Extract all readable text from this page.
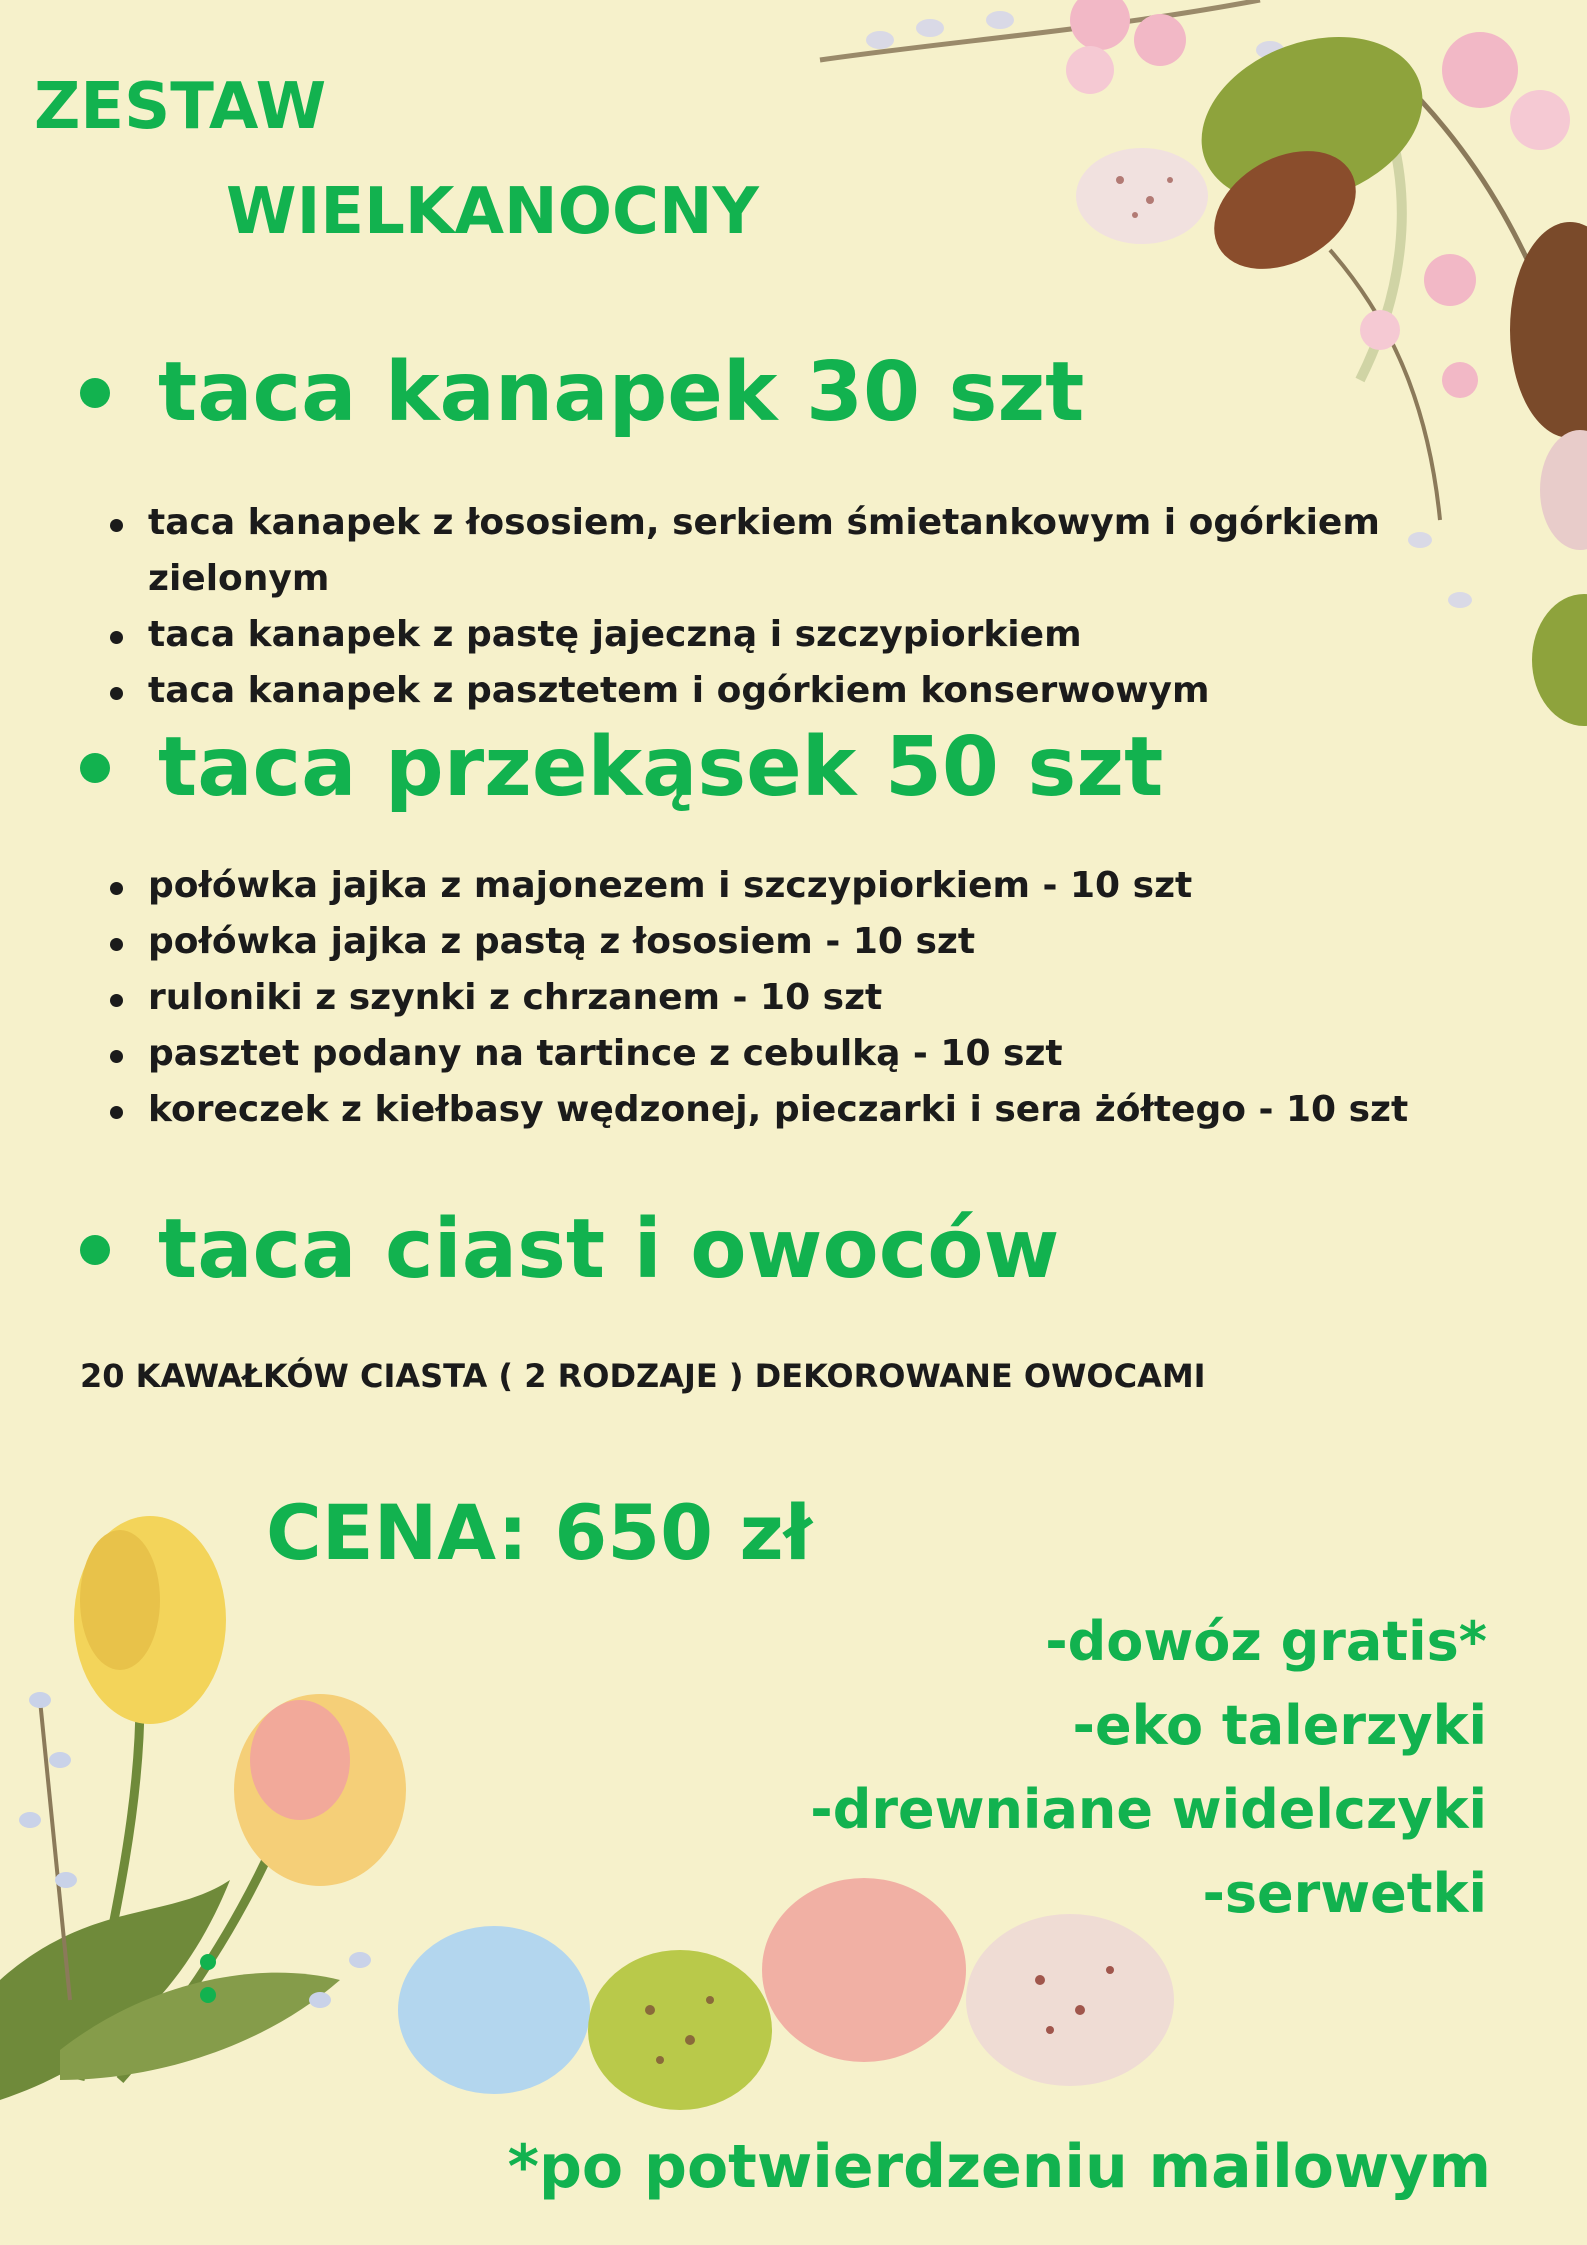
ZESTAW
WIELKANOCNY
taca kanapek 30 szt
taca kanapek z łososiem, serkiem śmietankowym i ogórkiem zielonym
taca kanapek z pastę jajeczną i szczypiorkiem
taca kanapek z pasztetem i ogórkiem konserwowym
taca przekąsek 50 szt
połówka jajka z majonezem i szczypiorkiem - 10 szt
połówka jajka z pastą z łososiem - 10 szt
ruloniki z szynki z chrzanem - 10 szt
pasztet podany na tartince z cebulką - 10 szt
koreczek z kiełbasy wędzonej, pieczarki i sera żółtego - 10 szt
taca ciast i owoców
20 KAWAŁKÓW CIASTA ( 2 RODZAJE ) DEKOROWANE OWOCAMI
CENA: 650 zł
-dowóz gratis*
-eko talerzyki
-drewniane widelczyki
-serwetki
*po potwierdzeniu mailowym
